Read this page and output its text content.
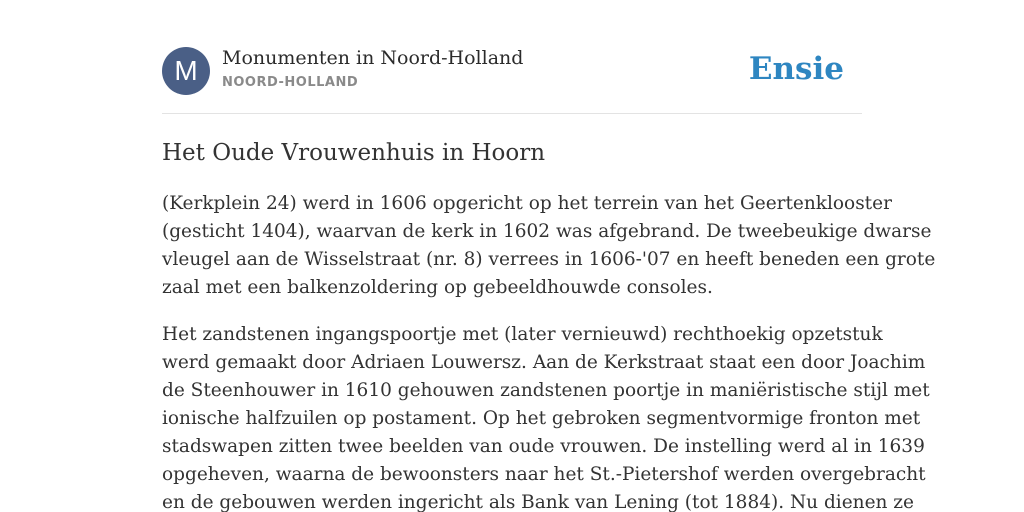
M	Monumenten in Noord-Holland
NOORD-HOLLAND	Ensie
Het Oude Vrouwenhuis in Hoorn

(Kerkplein 24) werd in 1606 opgericht op het terrein van het Geertenklooster
(gesticht 1404), waarvan de kerk in 1602 was afgebrand. De tweebeukige dwarse
vleugel aan de Wisselstraat (nr. 8) verrees in 1606-'07 en heeft beneden een grote
zaal met een balkenzoldering op gebeeldhouwde consoles.

Het zandstenen ingangspoortje met (later vernieuwd) rechthoekig opzetstuk
werd gemaakt door Adriaen Louwersz. Aan de Kerkstraat staat een door Joachim
de Steenhouwer in 1610 gehouwen zandstenen poortje in maniëristische stijl met
ionische halfzuilen op postament. Op het gebroken segmentvormige fronton met
stadswapen zitten twee beelden van oude vrouwen. De instelling werd al in 1639
opgeheven, waarna de bewoonsters naar het St.-Pietershof werden overgebracht
en de gebouwen werden ingericht als Bank van Lening (tot 1884). Nu dienen ze
